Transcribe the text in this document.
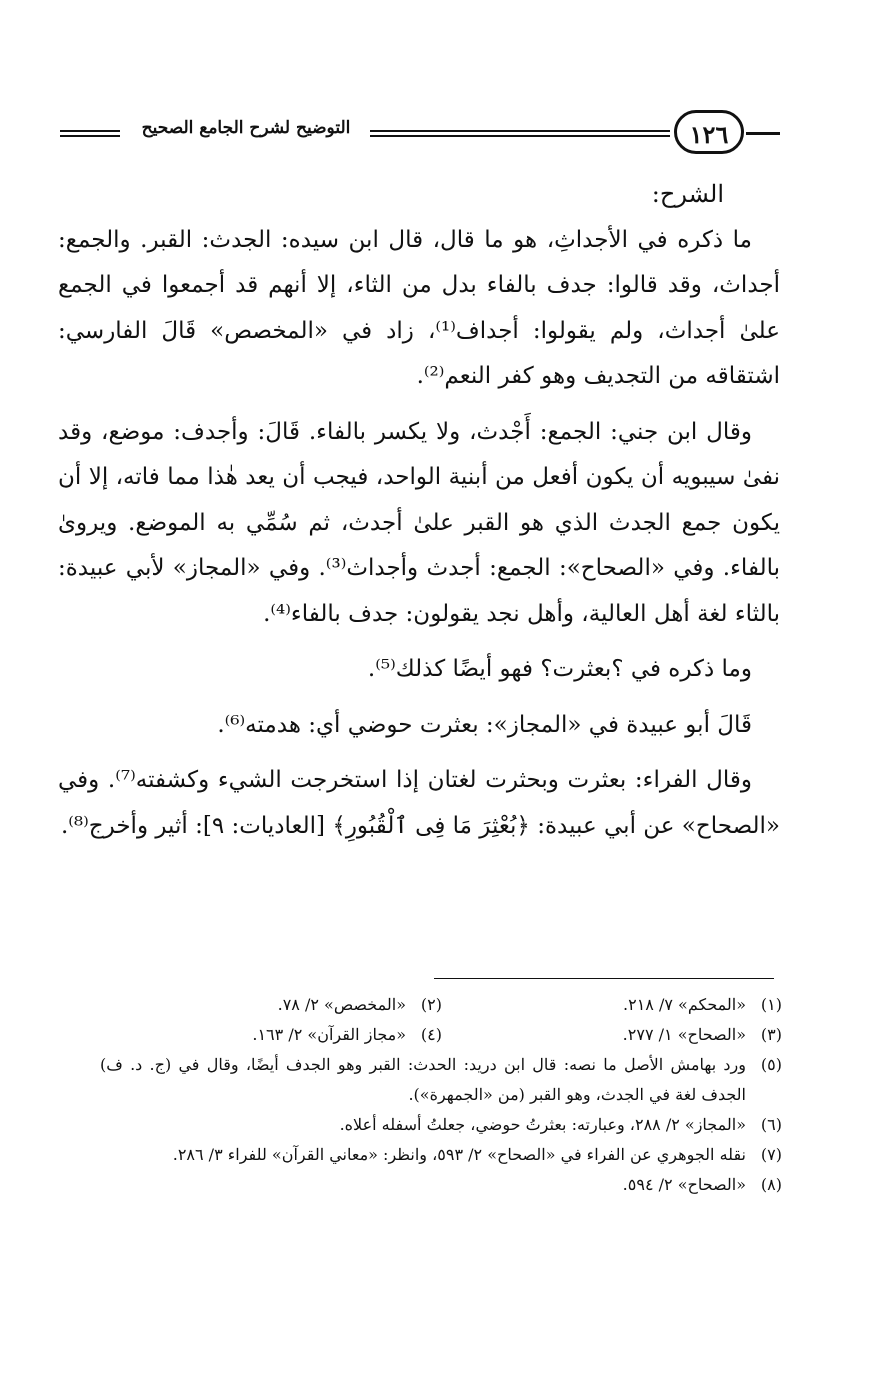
التوضيح لشرح الجامع الصحيح	١٢٦
الشرح:

ما ذكره في الأجداثِ، هو ما قال، قال ابن سيده: الجدث: القبر. والجمع: أجداث، وقد قالوا: جدف بالفاء بدل من الثاء، إلا أنهم قد أجمعوا في الجمع علىٰ أجداث، ولم يقولوا: أجداف⁽¹⁾، زاد في «المخصص» قَالَ الفارسي: اشتقاقه من التجديف وهو كفر النعم⁽²⁾.

وقال ابن جني: الجمع: أَجْدث، ولا يكسر بالفاء. قَالَ: وأجدف: موضع، وقد نفىٰ سيبويه أن يكون أفعل من أبنية الواحد، فيجب أن يعد هٰذا مما فاته، إلا أن يكون جمع الجدث الذي هو القبر علىٰ أجدث، ثم سُمِّي به الموضع. ويرویٰ بالفاء. وفي «الصحاح»: الجمع: أجدث وأجداث⁽³⁾. وفي «المجاز» لأبي عبيدة: بالثاء لغة أهل العالية، وأهل نجد يقولون: جدف بالفاء⁽⁴⁾.

وما ذكره في ؟بعثرت؟ فهو أيضًا كذلك⁽⁵⁾.

قَالَ أبو عبيدة في «المجاز»: بعثرت حوضي أي: هدمته⁽⁶⁾.

وقال الفراء: بعثرت وبحثرت لغتان إذا استخرجت الشيء وكشفته⁽⁷⁾. وفي «الصحاح» عن أبي عبيدة: ﴿بُعْثِرَ مَا فِى ٱلْقُبُورِ﴾ [العاديات: ٩]: أثير وأخرج⁽⁸⁾.

(١)
«المحكم» ٧/ ٢١٨.
(٢)
«المخصص» ٢/ ٧٨.
(٣)
«الصحاح» ١/ ٢٧٧.
(٤)
«مجاز القرآن» ٢/ ١٦٣.
(٥)
ورد بهامش الأصل ما نصه: قال ابن دريد: الحدث: القبر وهو الجدف أيضًا، وقال في (ج. د. ف) الجدف لغة في الجدث، وهو القبر (من «الجمهرة»).
(٦)
«المجاز» ٢/ ٢٨٨، وعبارته: بعثرتُ حوضي، جعلتُ أسفله أعلاه.
(٧)
نقله الجوهري عن الفراء في «الصحاح» ٢/ ٥٩٣، وانظر: «معاني القرآن» للفراء ٣/ ٢٨٦.
(٨)
«الصحاح» ٢/ ٥٩٤.
